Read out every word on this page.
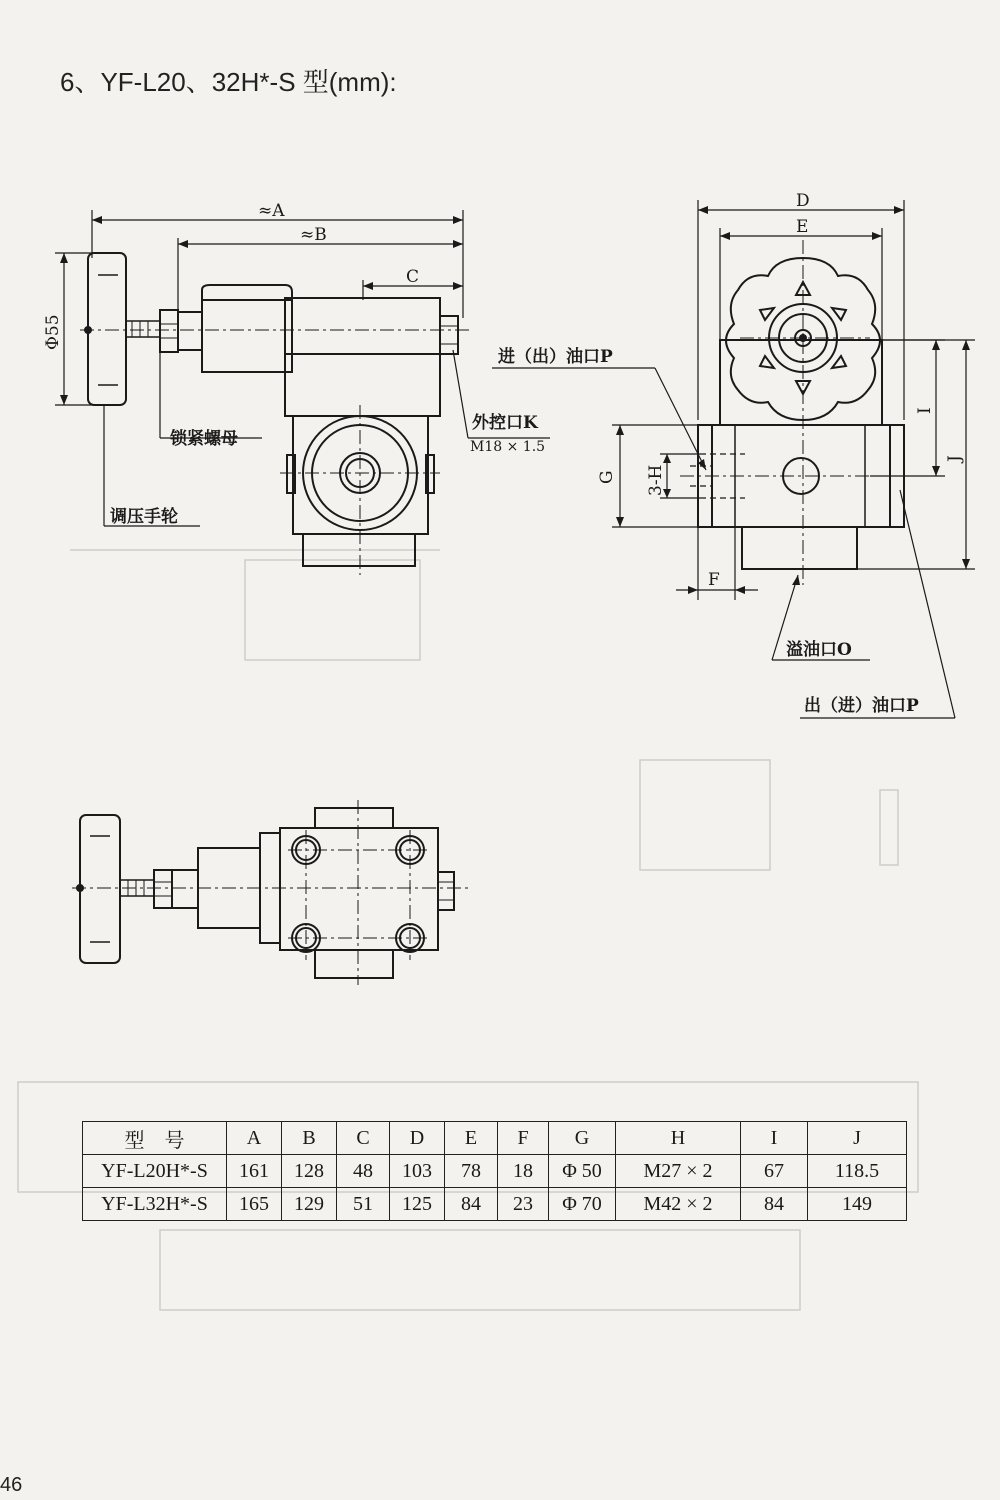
6、YF-L20、32H*-S 型(mm):
≈A
≈B
C
Φ55
锁紧螺母
调压手轮
外控口K
M18 × 1.5
D
E
G 3-H
F
I
J
进（出）油口P
溢油口O
出（进）油口P
型　号	A	B	C	D	E	F	G	H	I	J
YF-L20H*-S	161	128	48	103	78	18	Φ 50	M27 × 2	67	118.5
YF-L32H*-S	165	129	51	125	84	23	Φ 70	M42 × 2	84	149
46
